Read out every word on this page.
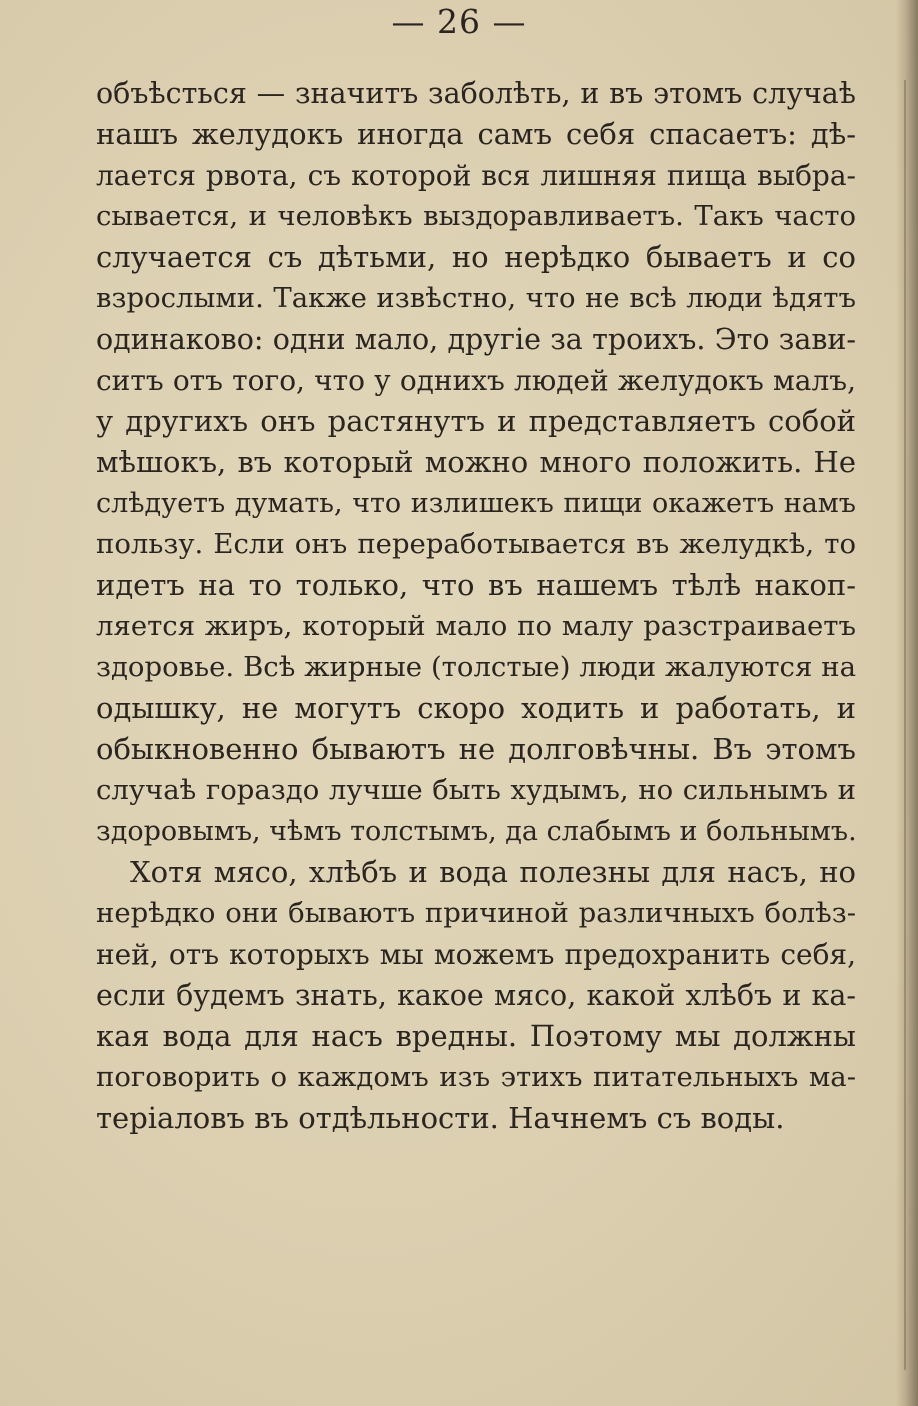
— 26 —
объѣсться — значитъ заболѣть, и въ этомъ случаѣ
нашъ желудокъ иногда самъ себя спасаетъ: дѣ-
лается рвота, съ которой вся лишняя пища выбра-
сывается, и человѣкъ выздоравливаетъ. Такъ часто
случается съ дѣтьми, но нерѣдко бываетъ и со
взрослыми. Также извѣстно, что не всѣ люди ѣдятъ
одинаково: одни мало, другіе за троихъ. Это зави-
ситъ отъ того, что у однихъ людей желудокъ малъ,
у другихъ онъ растянутъ и представляетъ собой
мѣшокъ, въ который можно много положить. Не
слѣдуетъ думать, что излишекъ пищи окажетъ намъ
пользу. Если онъ переработывается въ желудкѣ, то
идетъ на то только, что въ нашемъ тѣлѣ накоп-
ляется жиръ, который мало по малу разстраиваетъ
здоровье. Всѣ жирные (толстые) люди жалуются на
одышку, не могутъ скоро ходить и работать, и
обыкновенно бываютъ не долговѣчны. Въ этомъ
случаѣ гораздо лучше быть худымъ, но сильнымъ и
здоровымъ, чѣмъ толстымъ, да слабымъ и больнымъ.
Хотя мясо, хлѣбъ и вода полезны для насъ, но
нерѣдко они бываютъ причиной различныхъ болѣз-
ней, отъ которыхъ мы можемъ предохранить себя,
если будемъ знать, какое мясо, какой хлѣбъ и ка-
кая вода для насъ вредны. Поэтому мы должны
поговорить о каждомъ изъ этихъ питательныхъ ма-
теріаловъ въ отдѣльности. Начнемъ съ воды.
